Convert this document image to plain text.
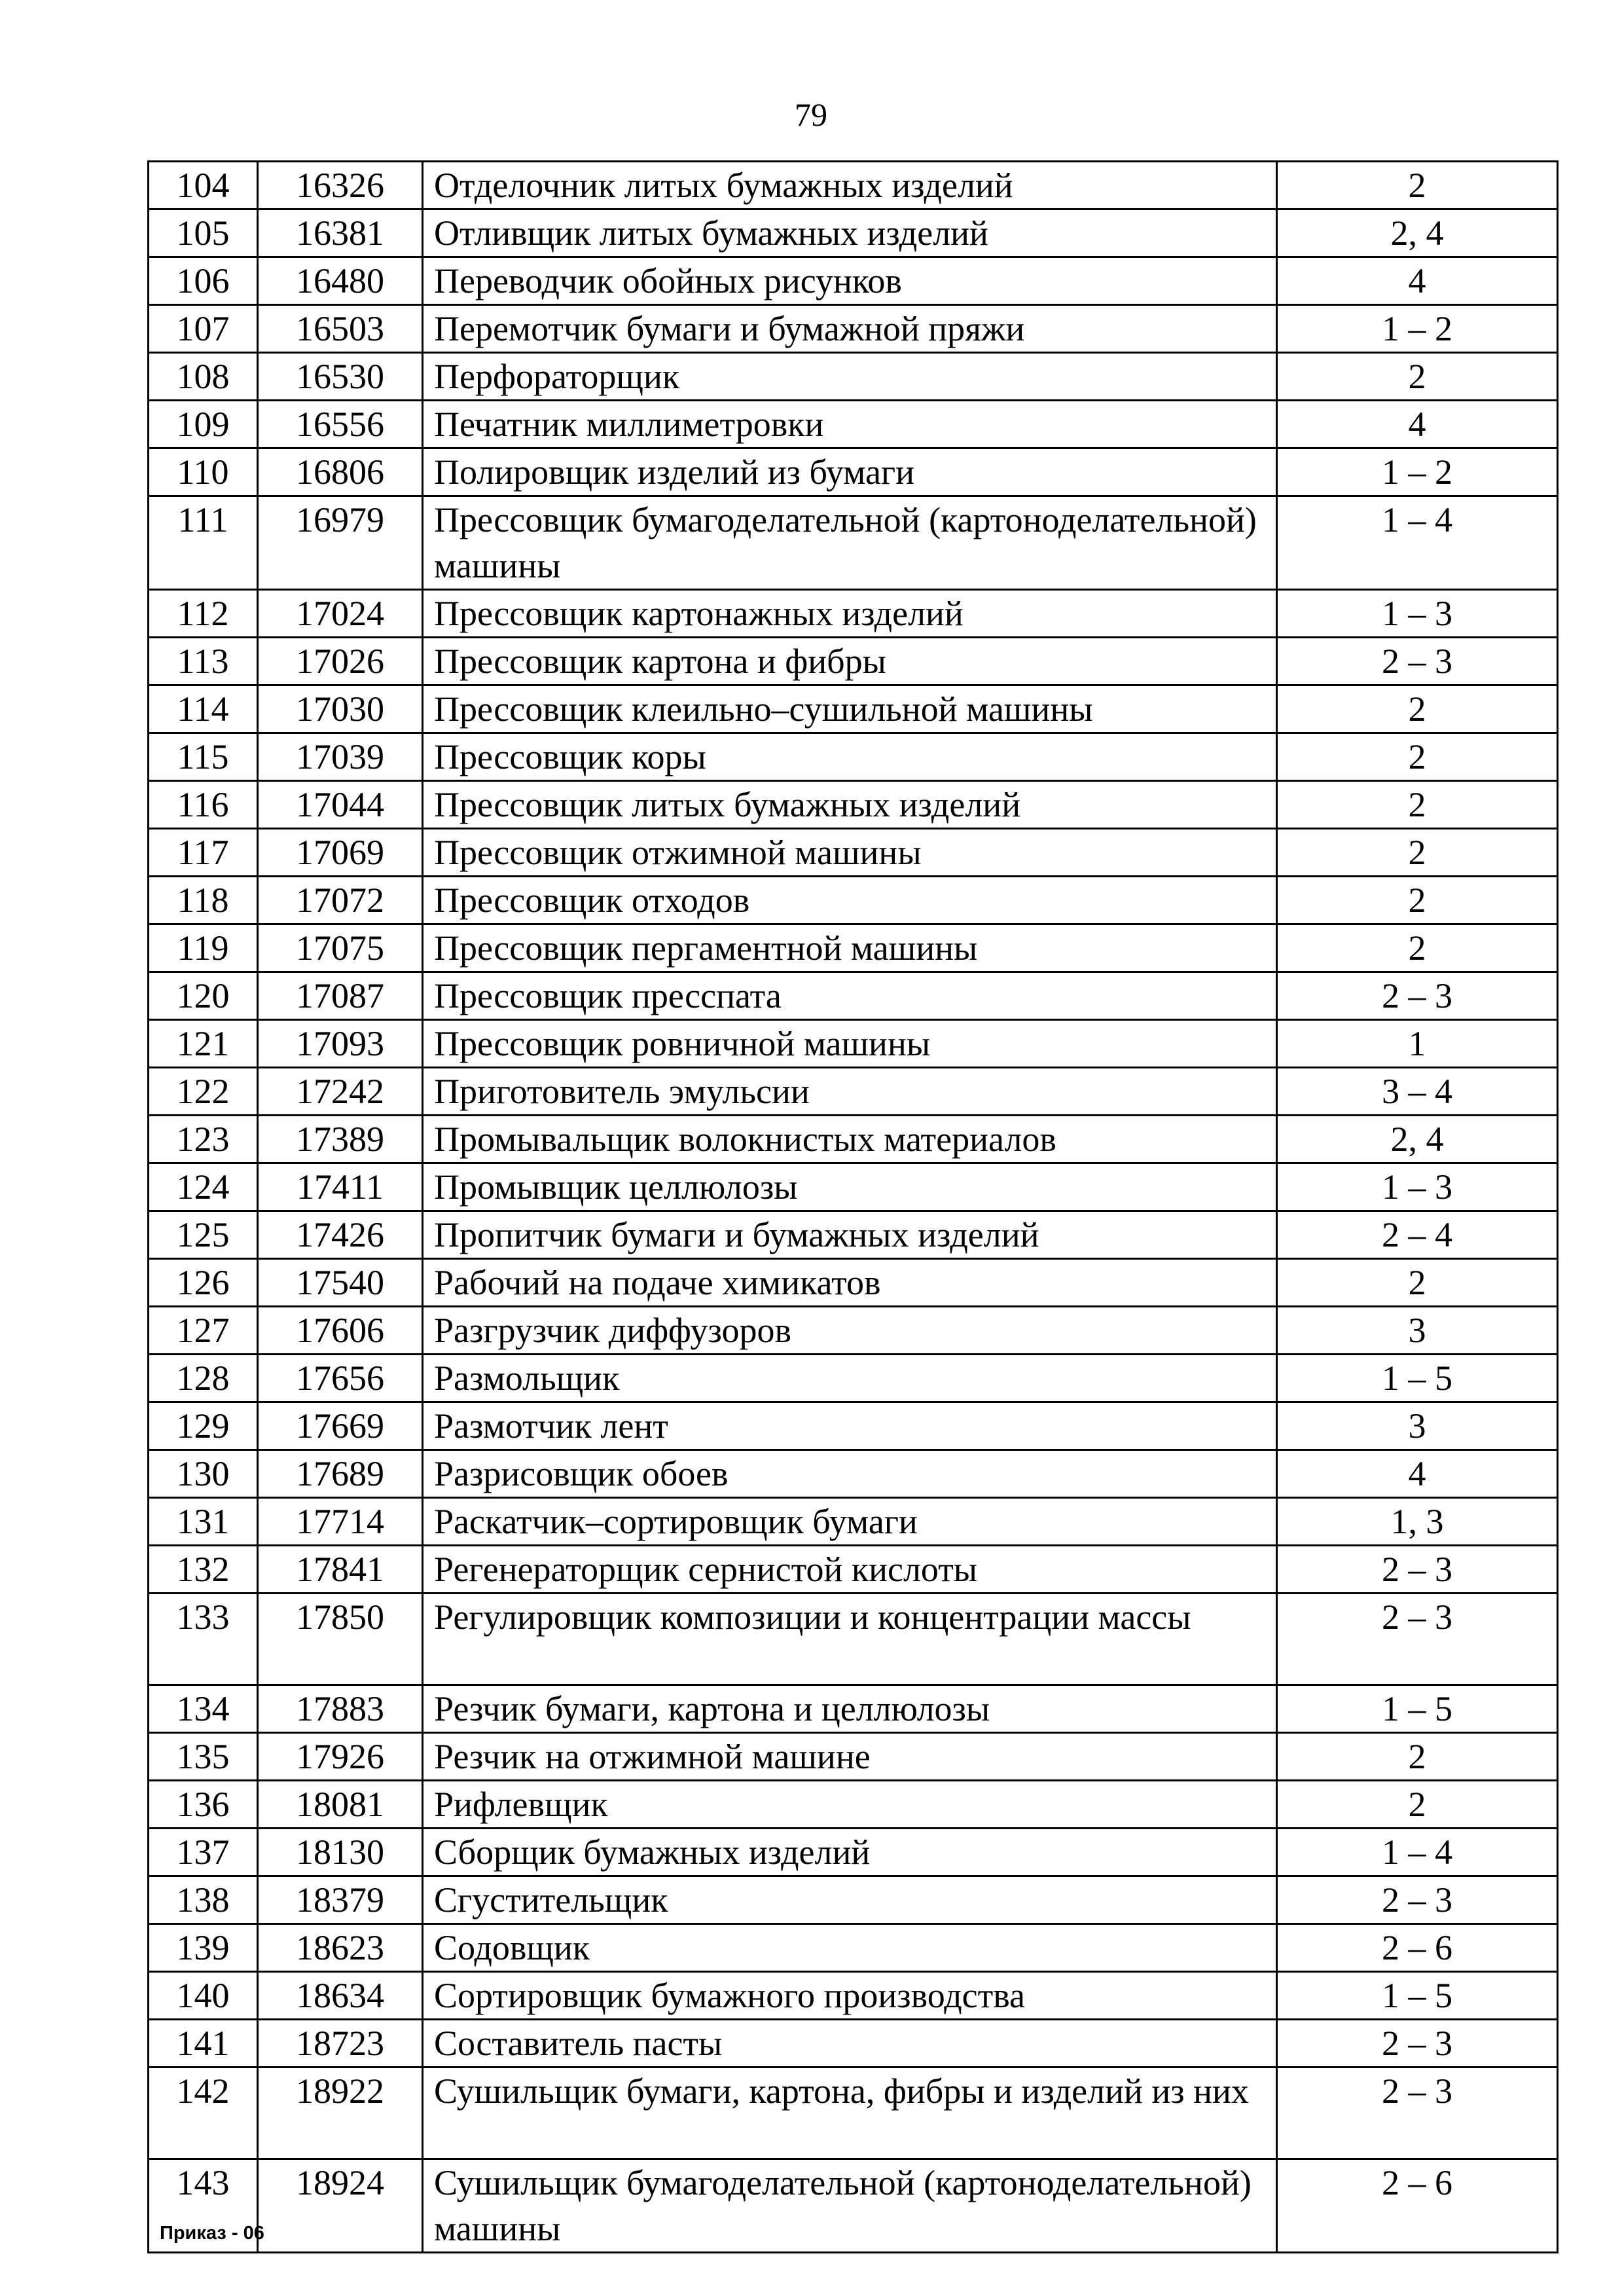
79
104	16326	Отделочник литых бумажных изделий	2
105	16381	Отливщик литых бумажных изделий	2, 4
106	16480	Переводчик обойных рисунков	4
107	16503	Перемотчик бумаги и бумажной пряжи	1 – 2
108	16530	Перфораторщик	2
109	16556	Печатник миллиметровки	4
110	16806	Полировщик изделий из бумаги	1 – 2
111	16979	Прессовщик бумагоделательной (картоноделательной) машины	1 – 4
112	17024	Прессовщик картонажных изделий	1 – 3
113	17026	Прессовщик картона и фибры	2 – 3
114	17030	Прессовщик клеильно–сушильной машины	2
115	17039	Прессовщик коры	2
116	17044	Прессовщик литых бумажных изделий	2
117	17069	Прессовщик отжимной машины	2
118	17072	Прессовщик отходов	2
119	17075	Прессовщик пергаментной машины	2
120	17087	Прессовщик пресспата	2 – 3
121	17093	Прессовщик ровничной машины	1
122	17242	Приготовитель эмульсии	3 – 4
123	17389	Промывальщик волокнистых материалов	2, 4
124	17411	Промывщик целлюлозы	1 – 3
125	17426	Пропитчик бумаги и бумажных изделий	2 – 4
126	17540	Рабочий на подаче химикатов	2
127	17606	Разгрузчик диффузоров	3
128	17656	Размольщик	1 – 5
129	17669	Размотчик лент	3
130	17689	Разрисовщик обоев	4
131	17714	Раскатчик–сортировщик бумаги	1, 3
132	17841	Регенераторщик сернистой кислоты	2 – 3
133	17850	Регулировщик композиции и концентрации массы	2 – 3
134	17883	Резчик бумаги, картона и целлюлозы	1 – 5
135	17926	Резчик на отжимной машине	2
136	18081	Рифлевщик	2
137	18130	Сборщик бумажных изделий	1 – 4
138	18379	Сгустительщик	2 – 3
139	18623	Содовщик	2 – 6
140	18634	Сортировщик бумажного производства	1 – 5
141	18723	Составитель пасты	2 – 3
142	18922	Сушильщик бумаги, картона, фибры и изделий из них	2 – 3
143	18924	Сушильщик бумагоделательной (картоноделательной) машины	2 – 6
Приказ - 06
